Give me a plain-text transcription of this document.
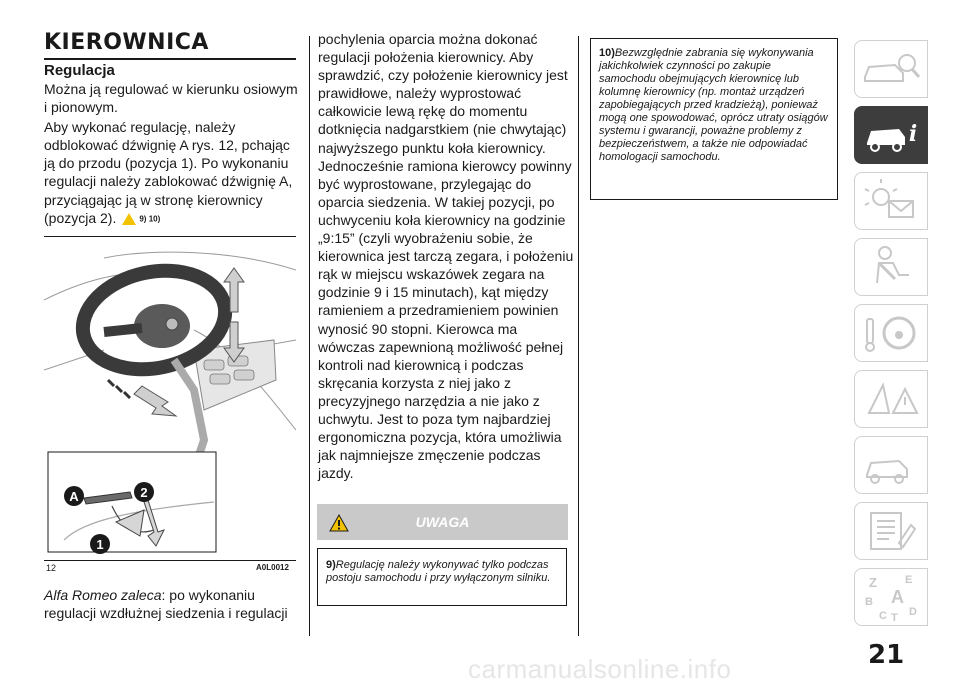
KIEROWNICA
Regulacja

Można ją regulować w kierunku osiowym i pionowym.

Aby wykonać regulację, należy odblokować dźwignię A rys. 12, pchając ją do przodu (pozycja 1). Po wykonaniu regulacji należy zablokować dźwignię A, przyciągając ją w stronę kierownicy (pozycja 2).	9) 10)

A	2
1
12	A0L0012
Alfa Romeo zaleca: po wykonaniu regulacji wzdłużnej siedzenia i regulacji
pochylenia oparcia można dokonać regulacji położenia kierownicy. Aby sprawdzić, czy położenie kierownicy jest prawidłowe, należy wyprostować całkowicie lewą rękę do momentu dotknięcia nadgarstkiem (nie chwytając) najwyższego punktu koła kierownicy. Jednocześnie ramiona kierowcy powinny być wyprostowane, przylegając do oparcia siedzenia. W takiej pozycji, po uchwyceniu koła kierownicy na godzinie „9:15” (czyli wyobrażeniu sobie, że kierownica jest tarczą zegara, i położeniu rąk w miejscu wskazówek zegara na godzinie 9 i 15 minutach), kąt między ramieniem a przedramieniem powinien wynosić 90 stopni. Kierowca ma wówczas zapewnioną możliwość pełnej kontroli nad kierownicą i podczas skręcania korzysta z niej jako z precyzyjnego narzędzia a nie jako z uchwytu. Jest to poza tym najbardziej ergonomiczna pozycja, która umożliwia jak najmniejsze zmęczenie podczas jazdy.
UWAGA
9)Regulację należy wykonywać tylko podczas postoju samochodu i przy wyłączonym silniku.
10)Bezwzględnie zabrania się wykonywania jakichkolwiek czynności po zakupie samochodu obejmujących kierownicę lub kolumnę kierownicy (np. montaż urządzeń zapobiegających przed kradzieżą), ponieważ mogą one spowodować, oprócz utraty osiągów systemu i gwarancji, poważne problemy z bezpieczeństwem, a także nie odpowiadać homologacji samochodu.
i
Z	E
B A
C T D
21
carmanualsonline.info
